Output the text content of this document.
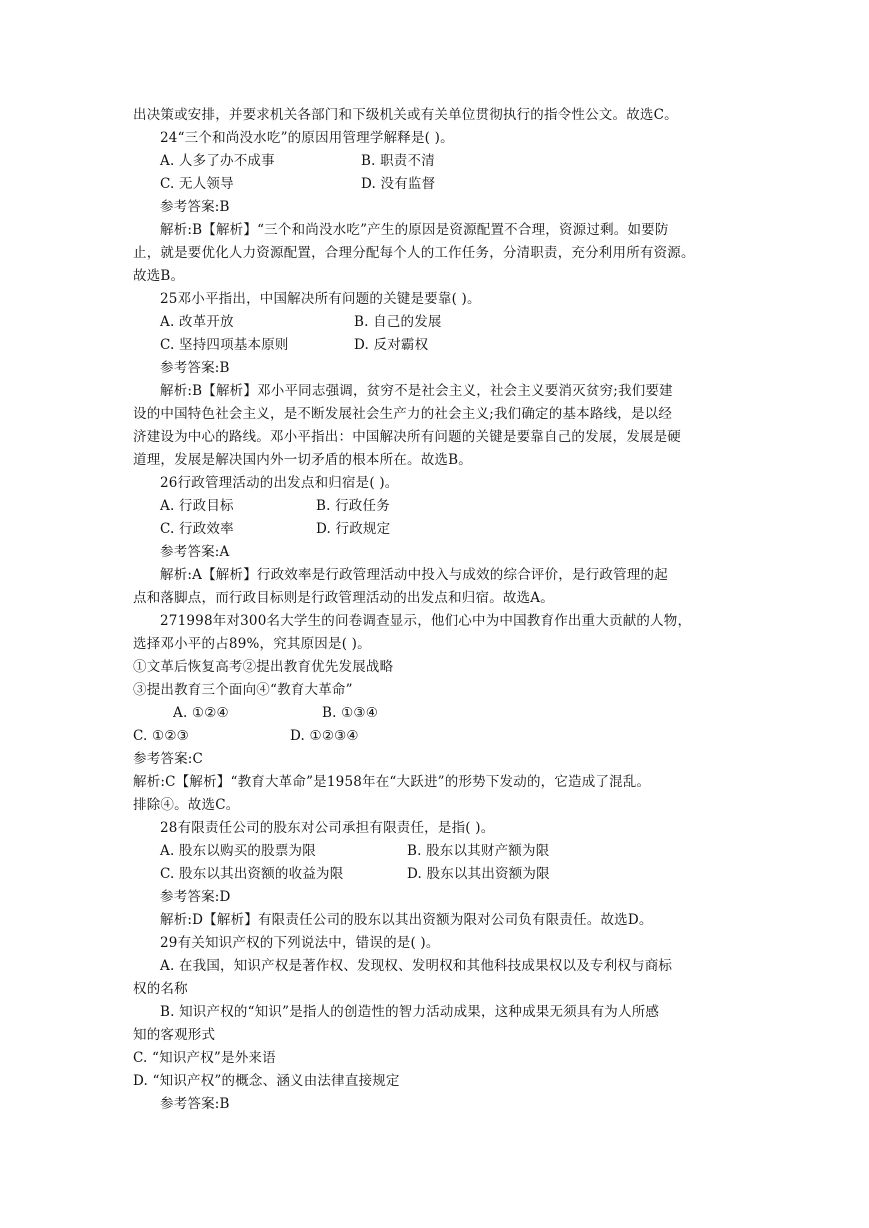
出决策或安排，并要求机关各部门和下级机关或有关单位贯彻执行的指令性公文。故选C。
24“三个和尚没水吃”的原因用管理学解释是( )。
A. 人多了办不成事	B. 职责不清
C. 无人领导	D. 没有监督
参考答案:B
解析:B【解析】“三个和尚没水吃”产生的原因是资源配置不合理，资源过剩。如要防
止，就是要优化人力资源配置，合理分配每个人的工作任务，分清职责，充分利用所有资源。
故选B。
25邓小平指出，中国解决所有问题的关键是要靠( )。
A. 改革开放	B. 自己的发展
C. 坚持四项基本原则	D. 反对霸权
参考答案:B
解析:B【解析】邓小平同志强调，贫穷不是社会主义，社会主义要消灭贫穷;我们要建
设的中国特色社会主义，是不断发展社会生产力的社会主义;我们确定的基本路线，是以经
济建设为中心的路线。邓小平指出：中国解决所有问题的关键是要靠自己的发展，发展是硬
道理，发展是解决国内外一切矛盾的根本所在。故选B。
26行政管理活动的出发点和归宿是( )。
A. 行政目标	B. 行政任务
C. 行政效率	D. 行政规定
参考答案:A
解析:A【解析】行政效率是行政管理活动中投入与成效的综合评价，是行政管理的起
点和落脚点，而行政目标则是行政管理活动的出发点和归宿。故选A。
271998年对300名大学生的问卷调查显示，他们心中为中国教育作出重大贡献的人物，
选择邓小平的占89%，究其原因是( )。
①文革后恢复高考②提出教育优先发展战略
③提出教育三个面向④“教育大革命”
A. ①②④	B. ①③④
C. ①②③	D. ①②③④
参考答案:C
解析:C【解析】“教育大革命”是1958年在“大跃进”的形势下发动的，它造成了混乱。
排除④。故选C。
28有限责任公司的股东对公司承担有限责任，是指( )。
A. 股东以购买的股票为限	B. 股东以其财产额为限
C. 股东以其出资额的收益为限	D. 股东以其出资额为限
参考答案:D
解析:D【解析】有限责任公司的股东以其出资额为限对公司负有限责任。故选D。
29有关知识产权的下列说法中，错误的是( )。
A. 在我国，知识产权是著作权、发现权、发明权和其他科技成果权以及专利权与商标
权的名称
B. 知识产权的“知识”是指人的创造性的智力活动成果，这种成果无须具有为人所感
知的客观形式
C. “知识产权”是外来语
D. “知识产权”的概念、涵义由法律直接规定
参考答案:B
